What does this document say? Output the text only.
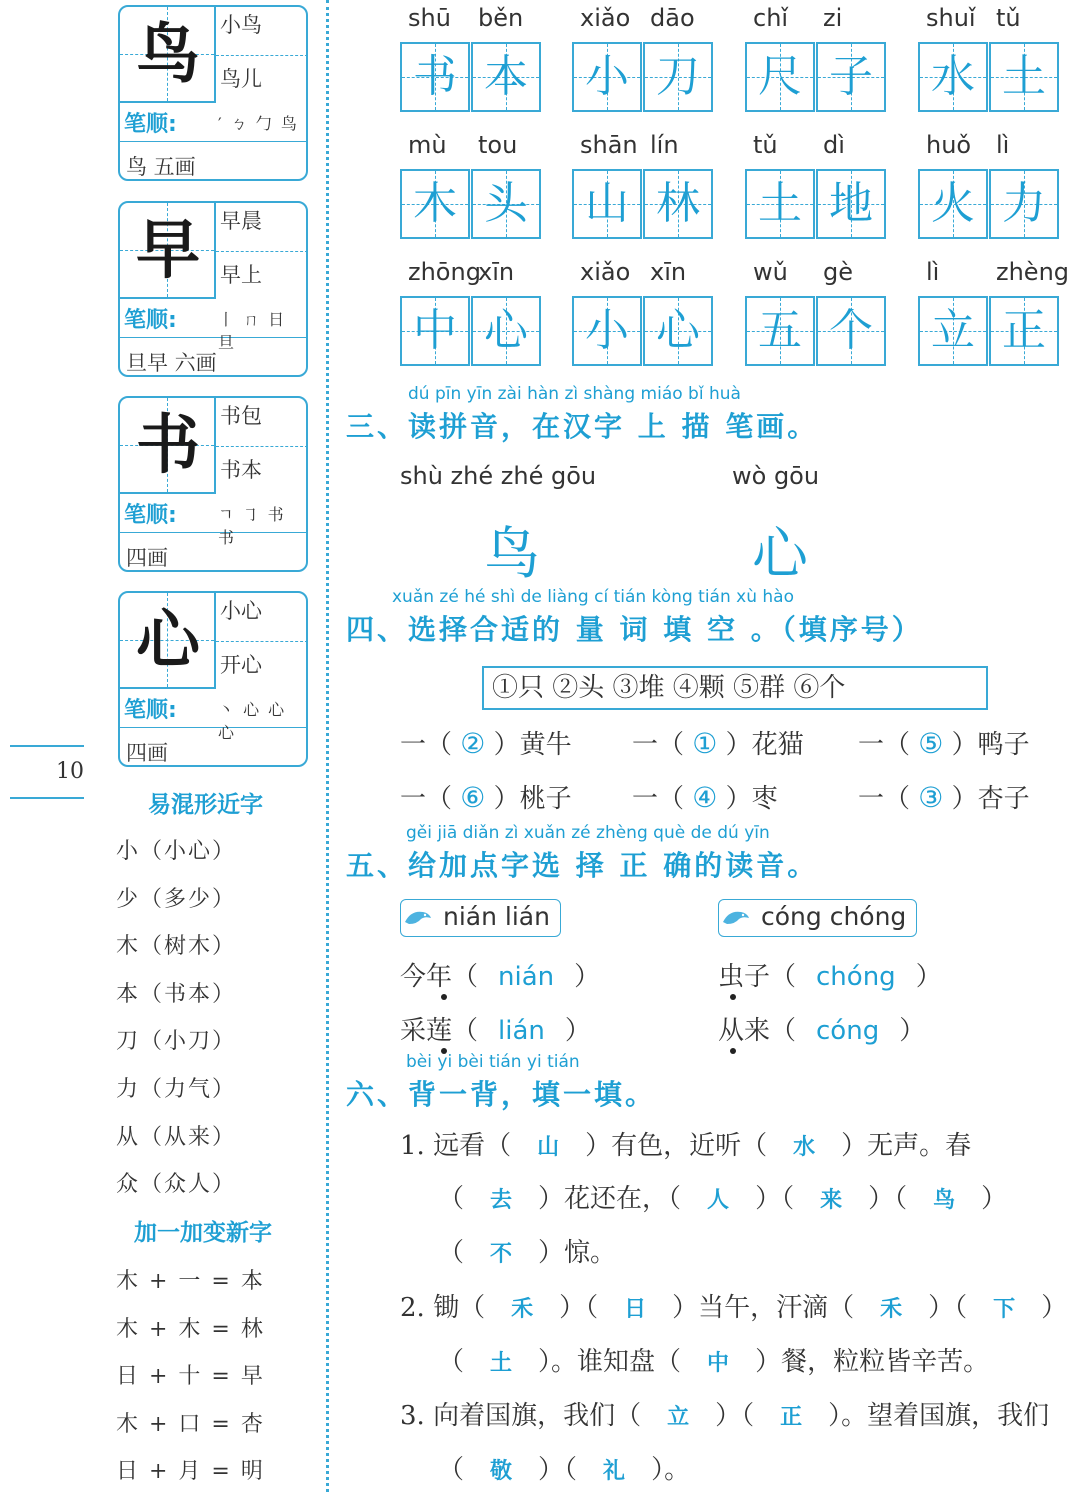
10
鸟 小鸟
鸟儿
笔顺:	′ ㄅ 勹 鸟
鸟 五画
早 早晨
早上
笔顺:	丨 ㄇ 日 旦
旦早 六画
书 书包
书本
笔顺:	ㄱ ㇆ 书 书
四画
心 小心
开心
笔顺:	丶 心 心 心
四画
易混形近字
小（小心）
少（多少）
木（树木）
本（书本）
刀（小刀）
力（力气）
从（从来）
众（众人）
加一加变新字
木 + 一 = 本
木 + 木 = 林
日 + 十 = 早
木 + 口 = 杏
日 + 月 = 明
shū běn
书 本
xiǎo dāo
小 刀
chǐ zi
尺 子
shuǐ tǔ
水 土
mù tou
木 头
shān lín
山 林
tǔ dì
土 地
huǒ lì
火 力
zhōng
xīn
中 心
xiǎo xīn
小 心
wǔ gè
五 个
lì zhèng
立 正
dú pīn yīn zài hàn zì shàng miáo bǐ huà
三、读拼音，在汉字 上 描 笔画。
shù zhé zhé gōu	wò gōu
鸟	心
xuǎn zé hé shì de liàng cí tián kòng tián xù hào
四、选择合适的 量 词 填 空 。（填序号）
①只 ②头 ③堆 ④颗 ⑤群 ⑥个
一（ ② ）黄牛 一（ ① ）花猫 一（ ⑤ ）鸭子
一（ ⑥ ）桃子 一（ ④ ）枣	一（ ③ ）杏子
gěi jiā diǎn zì xuǎn zé zhèng què de dú yīn
五、给加点字选 择 正 确的读音。
nián lián	cóng chóng
今年（ nián ）
采莲（ lián ）
虫子（ chóng ）
从来（ cóng ）
bèi yi bèi tián yi tián
六、背一背，填一填。
1. 远看（ 山 ）有色，近听（ 水 ）无声。春
（ 去 ）花还在，（ 人 ）（ 来 ）（ 鸟 ）
（ 不 ）惊。
2. 锄（ 禾 ）（ 日 ）当午，汗滴（ 禾 ）（ 下 ）
（ 土 ）。谁知盘（ 中 ）餐，粒粒皆辛苦。
3. 向着国旗，我们（ 立 ）（ 正 ）。望着国旗，我们
（ 敬 ）（ 礼 ）。
